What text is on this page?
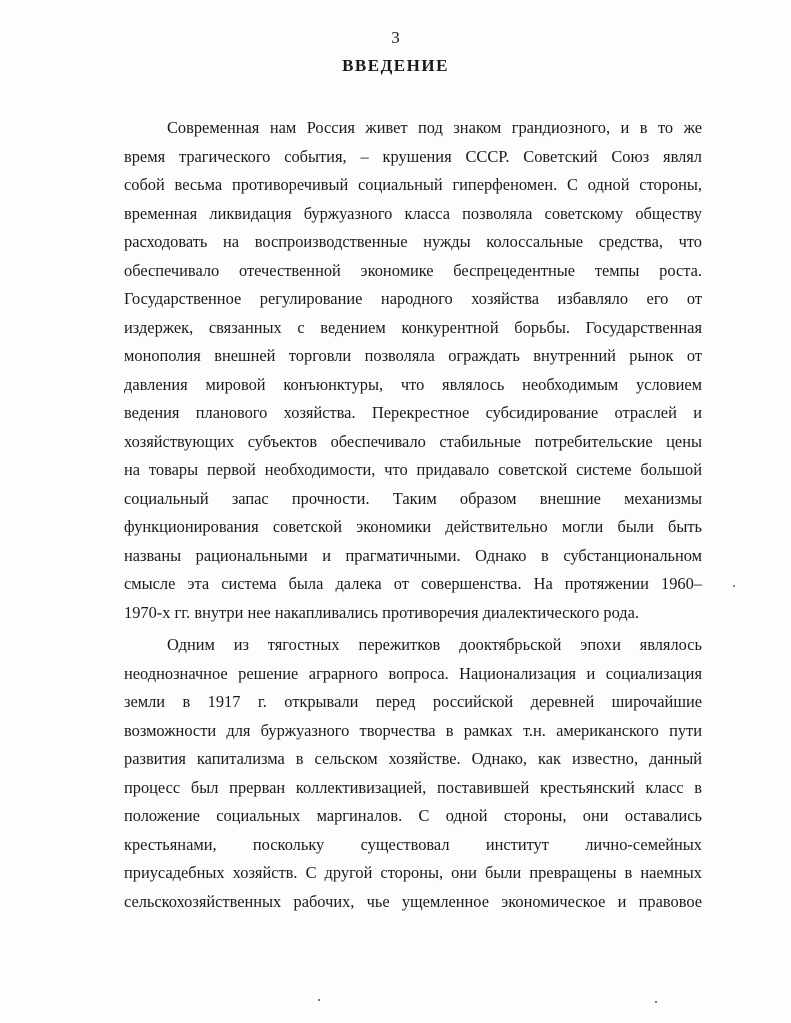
3
ВВЕДЕНИЕ
Современная нам Россия живет под знаком грандиозного, и в то же
время трагического события, – крушения СССР. Советский Союз являл
собой весьма противоречивый социальный гиперфеномен. С одной стороны,
временная ликвидация буржуазного класса позволяла советскому обществу
расходовать на воспроизводственные нужды колоссальные средства, что
обеспечивало отечественной экономике беспрецедентные темпы роста.
Государственное регулирование народного хозяйства избавляло его от
издержек, связанных с ведением конкурентной борьбы. Государственная
монополия внешней торговли позволяла ограждать внутренний рынок от
давления мировой конъюнктуры, что являлось необходимым условием
ведения планового хозяйства. Перекрестное субсидирование отраслей и
хозяйствующих субъектов обеспечивало стабильные потребительские цены
на товары первой необходимости, что придавало советской системе большой
социальный запас прочности. Таким образом внешние механизмы
функционирования советской экономики действительно могли были быть
названы рациональными и прагматичными. Однако в субстанциональном
смысле эта система была далека от совершенства. На протяжении 1960–
1970-х гг. внутри нее накапливались противоречия диалектического рода.
Одним из тягостных пережитков дооктябрьской эпохи являлось
неоднозначное решение аграрного вопроса. Национализация и социализация
земли в 1917 г. открывали перед российской деревней широчайшие
возможности для буржуазного творчества в рамках т.н. американского пути
развития капитализма в сельском хозяйстве. Однако, как известно, данный
процесс был прерван коллективизацией, поставившей крестьянский класс в
положение социальных маргиналов. С одной стороны, они оставались
крестьянами, поскольку существовал институт лично-семейных
приусадебных хозяйств. С другой стороны, они были превращены в наемных
сельскохозяйственных рабочих, чье ущемленное экономическое и правовое
